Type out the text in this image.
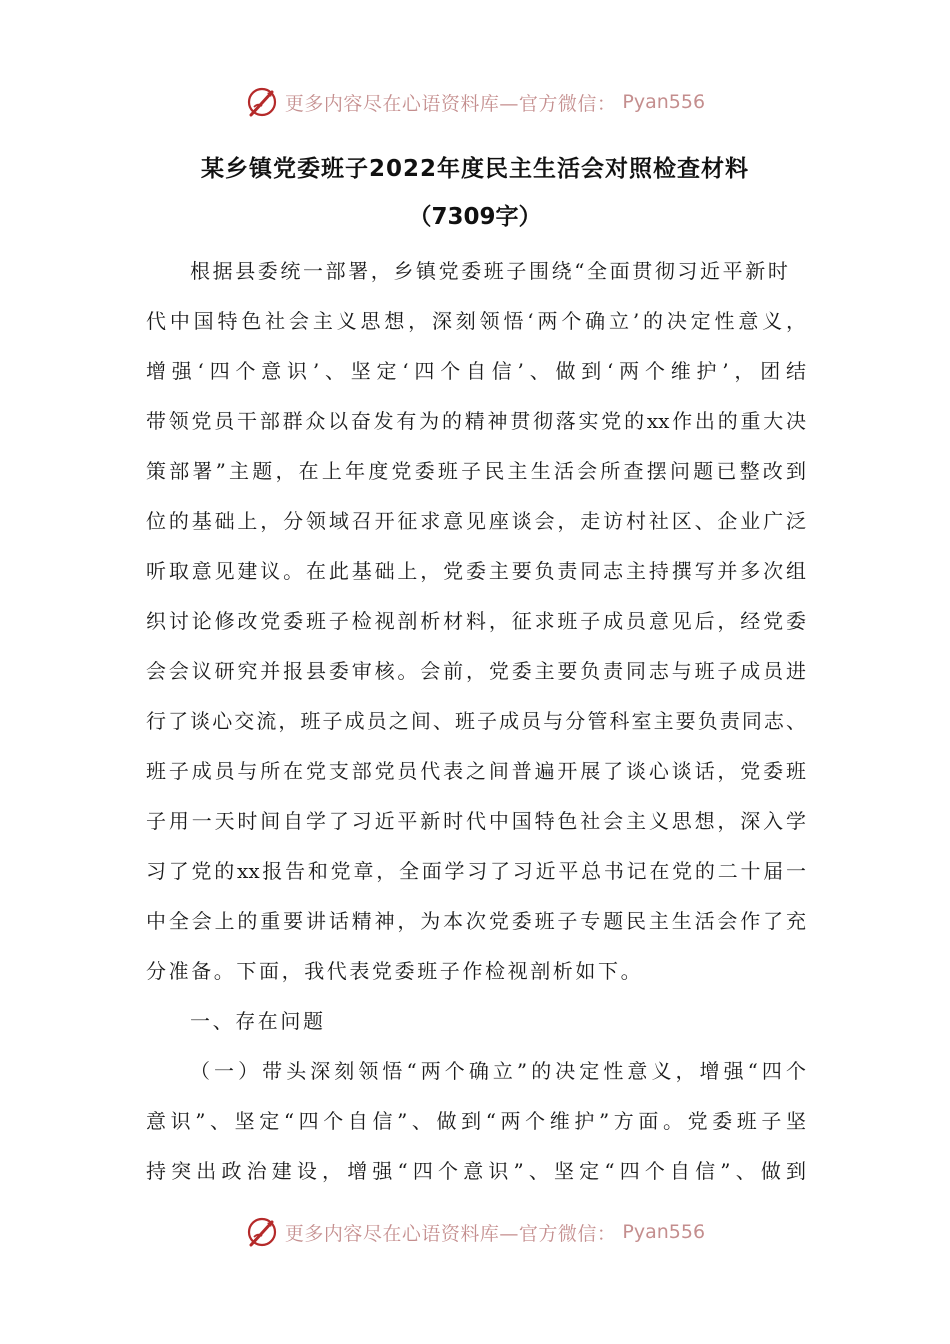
更多内容尽在心语资料库—官方微信： Pyan556
某乡镇党委班子2022年度民主生活会对照检查材料
（7309字）
根据县委统一部署，乡镇党委班子围绕“全面贯彻习近平新时
代中国特色社会主义思想，深刻领悟‘两个确立’的决定性意义，
增强‘四个意识’、坚定‘四个自信’、做到‘两个维护’，团结
带领党员干部群众以奋发有为的精神贯彻落实党的xx作出的重大决
策部署”主题，在上年度党委班子民主生活会所查摆问题已整改到
位的基础上，分领域召开征求意见座谈会，走访村社区、企业广泛
听取意见建议。在此基础上，党委主要负责同志主持撰写并多次组
织讨论修改党委班子检视剖析材料，征求班子成员意见后，经党委
会会议研究并报县委审核。会前，党委主要负责同志与班子成员进
行了谈心交流，班子成员之间、班子成员与分管科室主要负责同志、
班子成员与所在党支部党员代表之间普遍开展了谈心谈话，党委班
子用一天时间自学了习近平新时代中国特色社会主义思想，深入学
习了党的xx报告和党章，全面学习了习近平总书记在党的二十届一
中全会上的重要讲话精神，为本次党委班子专题民主生活会作了充
分准备。下面，我代表党委班子作检视剖析如下。
一、存在问题
（一）带头深刻领悟“两个确立”的决定性意义，增强“四个
意识”、坚定“四个自信”、做到“两个维护”方面。党委班子坚
持突出政治建设，增强“四个意识”、坚定“四个自信”、做到
更多内容尽在心语资料库—官方微信： Pyan556
